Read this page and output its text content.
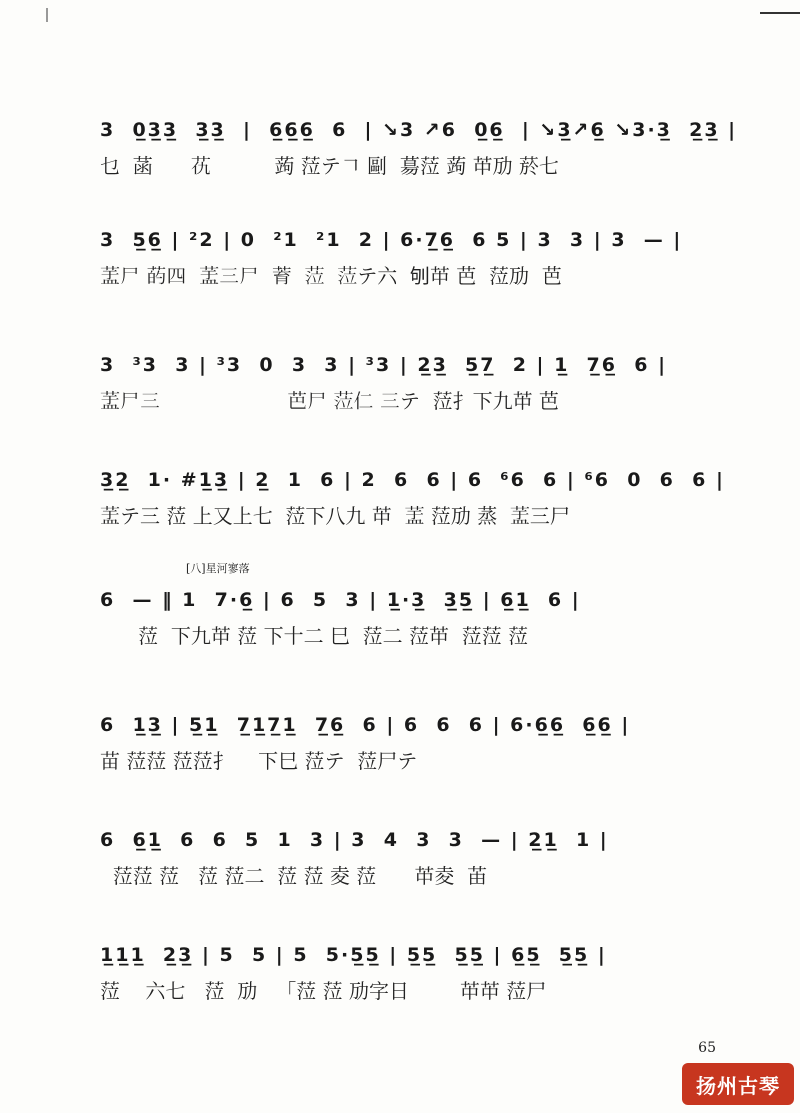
3  0̲3̲3̲  3̲3̲  |  6̲6̲6̲  6  | ↘3 ↗6  0̲6̲  | ↘3̲↗6̲ ↘3·3̲  2̲3̲ |
乜  菡      𦬖          蒟 𦲷テ𠃍 剾  𦳝𦲷 蒟 𦬕劢 菸七
3  5̲6̲ | ²2 | 0  ²1  ²1  2 | 6·7̲6̲  6 5 | 3  3 | 3  — |
𦱃尸 菂四  𦱃三尸  𦱀  𦲷  𦲷テ六  𠛎𦬕 芭  𦲷劢  芭
3  ³3  3 | ³3  0  3  3 | ³3 | 2̲3̲  5̲7̲  2 | 1̲  7̲6̲  6 |
𦱃尸三                    芭尸 𦲷仁 三テ  𦲷扌下九𦬕 芭
3̲2̲  1· #1̲3̲ | 2̲  1  6 | 2  6  6 | 6  ⁶6  6 | ⁶6  0  6  6 |
𦱃テ三 𦲷 上又上七  𦲷下八九 𦬕  𦱃 𦲷劢 蒸  𦱃三尸
[八]星河寥落
6  — ‖ 1  7·6̲ | 6  5  3 | 1̲·3̲  3̲5̲ | 6̲1̲  6 |
𦲷  下九𦬕 𦲷 下十二 巳  𦲷二 𦲷𦬕  𦲷𦲷 𦲷
6  1̲3̲ | 5̲1̲  7̲1̲7̲1̲  7̲6̲  6 | 6  6  6 | 6·6̲6̲  6̲6̲ |
苗 𦲷𦲷 𦲷𦲷扌    下巳 𦲷テ  𦲷尸テ
6  6̲1̲  6  6  5  1  3 | 3  4  3  3  — | 2̲1̲  1 |
𦲷𦲷 𦲷   𦲷 𦲷二  𦲷 𦲷 夌 𦲷      𦬕夌  苖
1̲1̲1̲  2̲3̲ | 5  5 | 5  5·5̲5̲ | 5̲5̲  5̲5̲ | 6̲5̲  5̲5̲ |
𦲷    六七   𦲷  劢   「𦲷 𦲷 劢字日        𦬕𦬕 𦲷尸
65
扬州古琴
